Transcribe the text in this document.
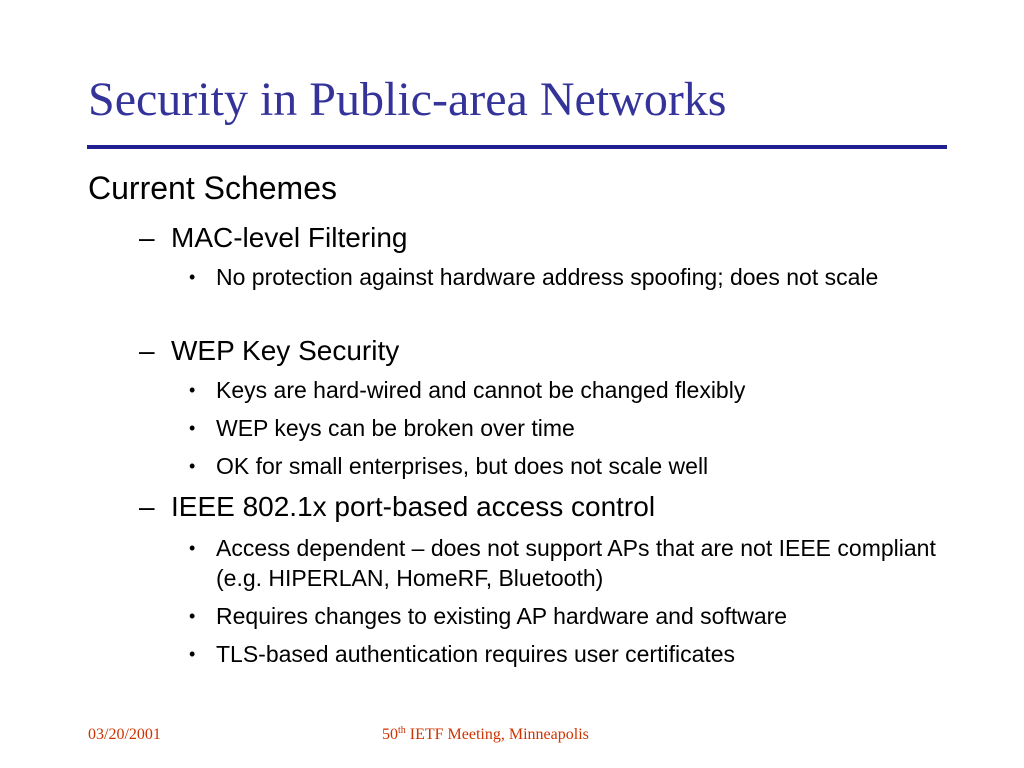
Security in Public-area Networks
Current Schemes
– MAC-level Filtering
• No protection against hardware address spoofing; does not scale
– WEP Key Security
• Keys are hard-wired and cannot be changed flexibly
• WEP keys can be broken over time
• OK for small enterprises, but does not scale well
– IEEE 802.1x port-based access control
• Access dependent – does not support APs that are not IEEE compliant (e.g. HIPERLAN, HomeRF, Bluetooth)
• Requires changes to existing AP hardware and software
• TLS-based authentication requires user certificates
03/20/2001	50th IETF Meeting, Minneapolis
